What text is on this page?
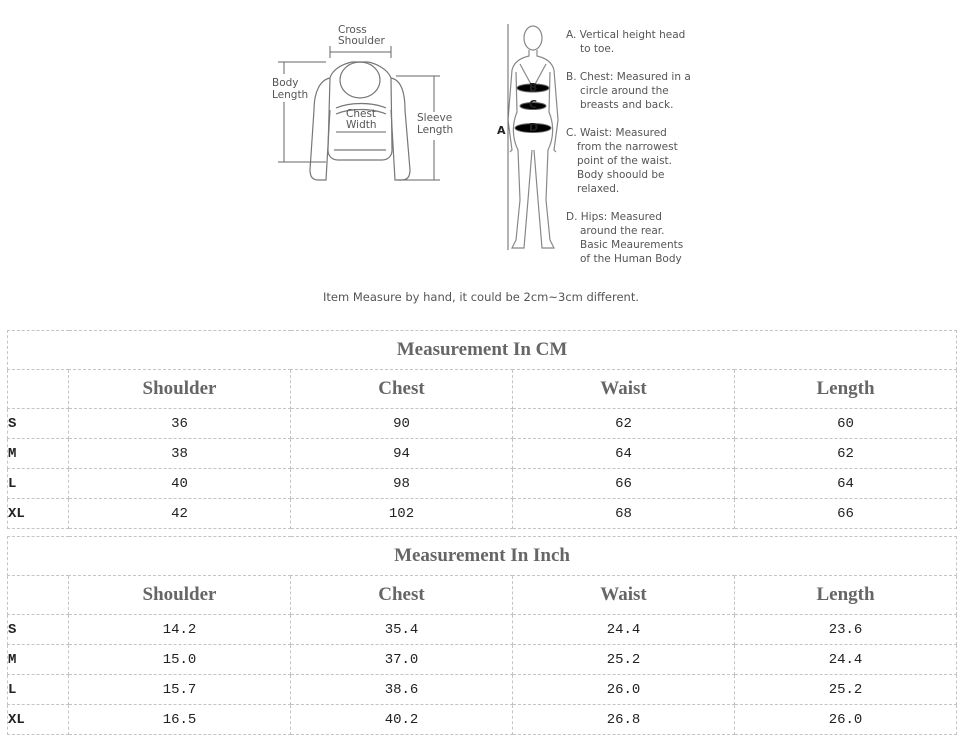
Cross
Shoulder
Body
Length
Chest
Width
Sleeve
Length	A
B
C
D
A. Vertical height head
to toe.
B. Chest: Measured in a
circle around the
breasts and back.
C. Waist: Measured
from the narrowest
point of the waist.
Body shoould be
relaxed.
D. Hips: Measured
around the rear.
Basic Meaurements
of the Human Body
Item Measure by hand, it could be 2cm~3cm different.
Measurement In CM				
	Shoulder	Chest	Waist	Length
S	36	90	62	60
M	38	94	64	62
L	40	98	66	64
XL	42	102	68	66
Measurement In Inch				
	Shoulder	Chest	Waist	Length
S	14.2	35.4	24.4	23.6
M	15.0	37.0	25.2	24.4
L	15.7	38.6	26.0	25.2
XL	16.5	40.2	26.8	26.0
